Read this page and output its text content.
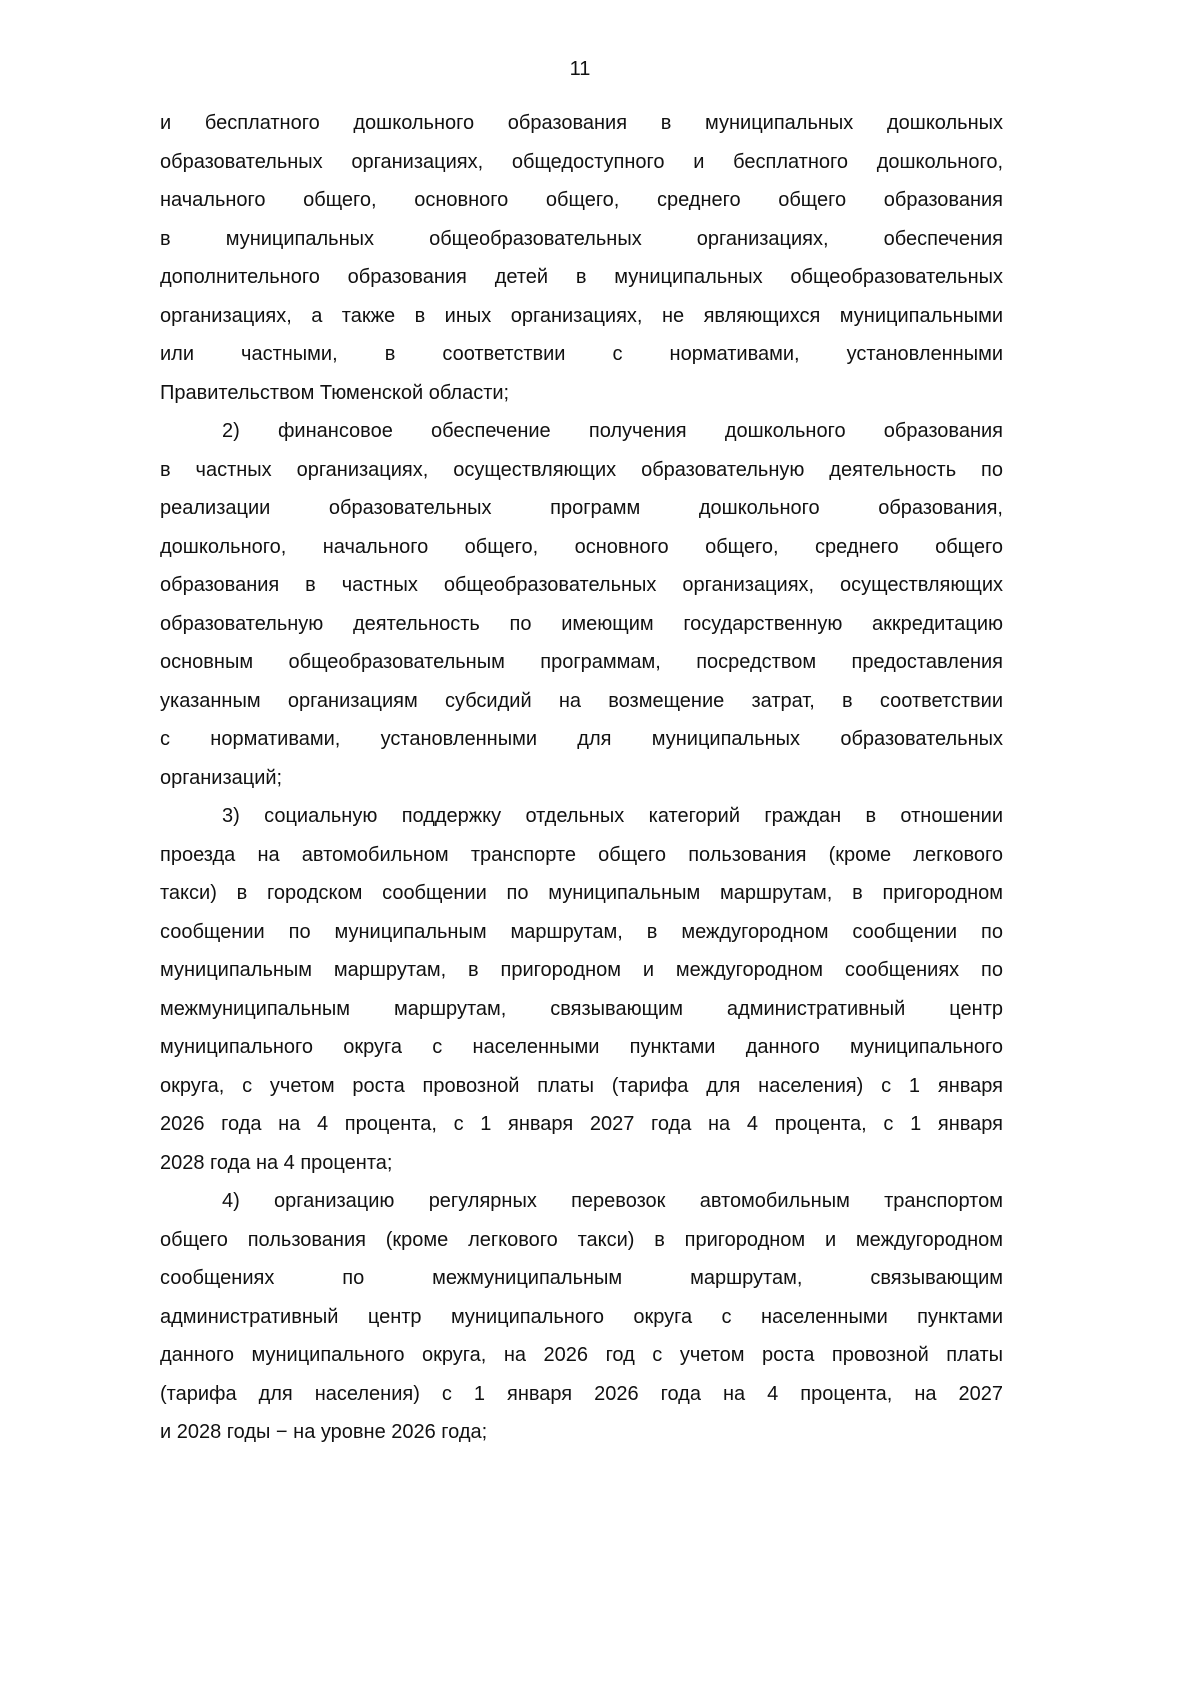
11
и бесплатного дошкольного образования в муниципальных дошкольных
образовательных организациях, общедоступного и бесплатного дошкольного,
начального общего, основного общего, среднего общего образования
в муниципальных общеобразовательных организациях, обеспечения
дополнительного образования детей в муниципальных общеобразовательных
организациях, а также в иных организациях, не являющихся муниципальными
или частными, в соответствии с нормативами, установленными
Правительством Тюменской области;
2) финансовое обеспечение получения дошкольного образования
в частных организациях, осуществляющих образовательную деятельность по
реализации образовательных программ дошкольного образования,
дошкольного, начального общего, основного общего, среднего общего
образования в частных общеобразовательных организациях, осуществляющих
образовательную деятельность по имеющим государственную аккредитацию
основным общеобразовательным программам, посредством предоставления
указанным организациям субсидий на возмещение затрат, в соответствии
с нормативами, установленными для муниципальных образовательных
организаций;
3) социальную поддержку отдельных категорий граждан в отношении
проезда на автомобильном транспорте общего пользования (кроме легкового
такси) в городском сообщении по муниципальным маршрутам, в пригородном
сообщении по муниципальным маршрутам, в междугородном сообщении по
муниципальным маршрутам, в пригородном и междугородном сообщениях по
межмуниципальным маршрутам, связывающим административный центр
муниципального округа с населенными пунктами данного муниципального
округа, с учетом роста провозной платы (тарифа для населения) с 1 января
2026 года на 4 процента, с 1 января 2027 года на 4 процента, с 1 января
2028 года на 4 процента;
4) организацию регулярных перевозок автомобильным транспортом
общего пользования (кроме легкового такси) в пригородном и междугородном
сообщениях по межмуниципальным маршрутам, связывающим
административный центр муниципального округа с населенными пунктами
данного муниципального округа, на 2026 год с учетом роста провозной платы
(тарифа для населения) с 1 января 2026 года на 4 процента, на 2027
и 2028 годы − на уровне 2026 года;
